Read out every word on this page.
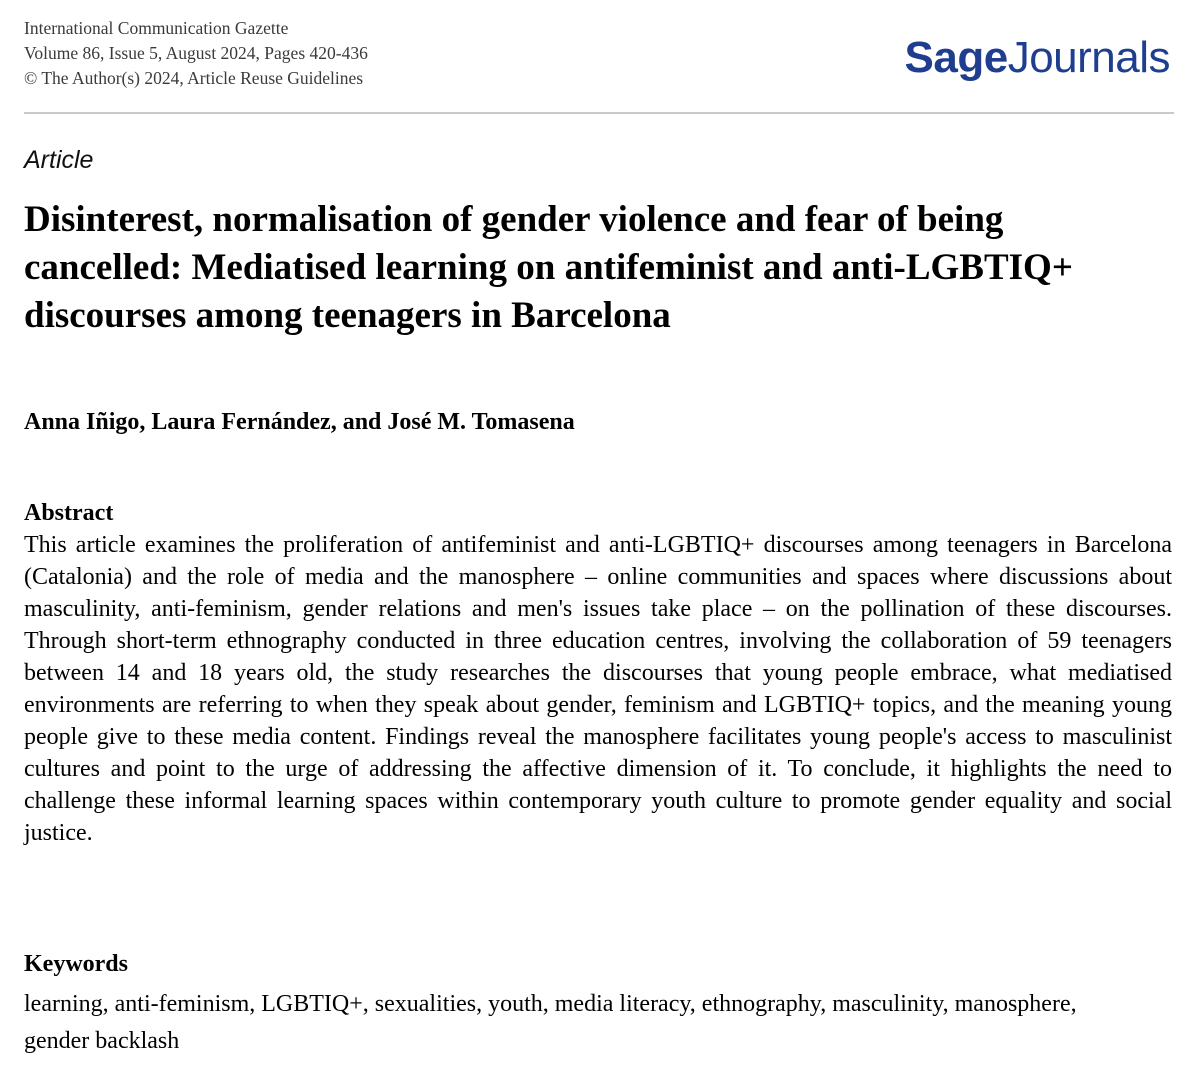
International Communication Gazette
Volume 86, Issue 5, August 2024, Pages 420-436
© The Author(s) 2024, Article Reuse Guidelines	SageJournals
Article
Disinterest, normalisation of gender violence and fear of being cancelled: Mediatised learning on antifeminist and anti-LGBTIQ+ discourses among teenagers in Barcelona
Anna Iñigo, Laura Fernández, and José M. Tomasena
Abstract

This article examines the proliferation of antifeminist and anti-LGBTIQ+ discourses among teenagers in Barcelona (Catalonia) and the role of media and the manosphere – online communities and spaces where discussions about masculinity, anti-feminism, gender relations and men's issues take place – on the pollination of these discourses. Through short-term ethnography conducted in three education centres, involving the collaboration of 59 teenagers between 14 and 18 years old, the study researches the discourses that young people embrace, what mediatised environments are referring to when they speak about gender, feminism and LGBTIQ+ topics, and the meaning young people give to these media content. Findings reveal the manosphere facilitates young people's access to masculinist cultures and point to the urge of addressing the affective dimension of it. To conclude, it highlights the need to challenge these informal learning spaces within contemporary youth culture to promote gender equality and social justice.

Keywords

learning, anti-feminism, LGBTIQ+, sexualities, youth, media literacy, ethnography, masculinity, manosphere, gender backlash
